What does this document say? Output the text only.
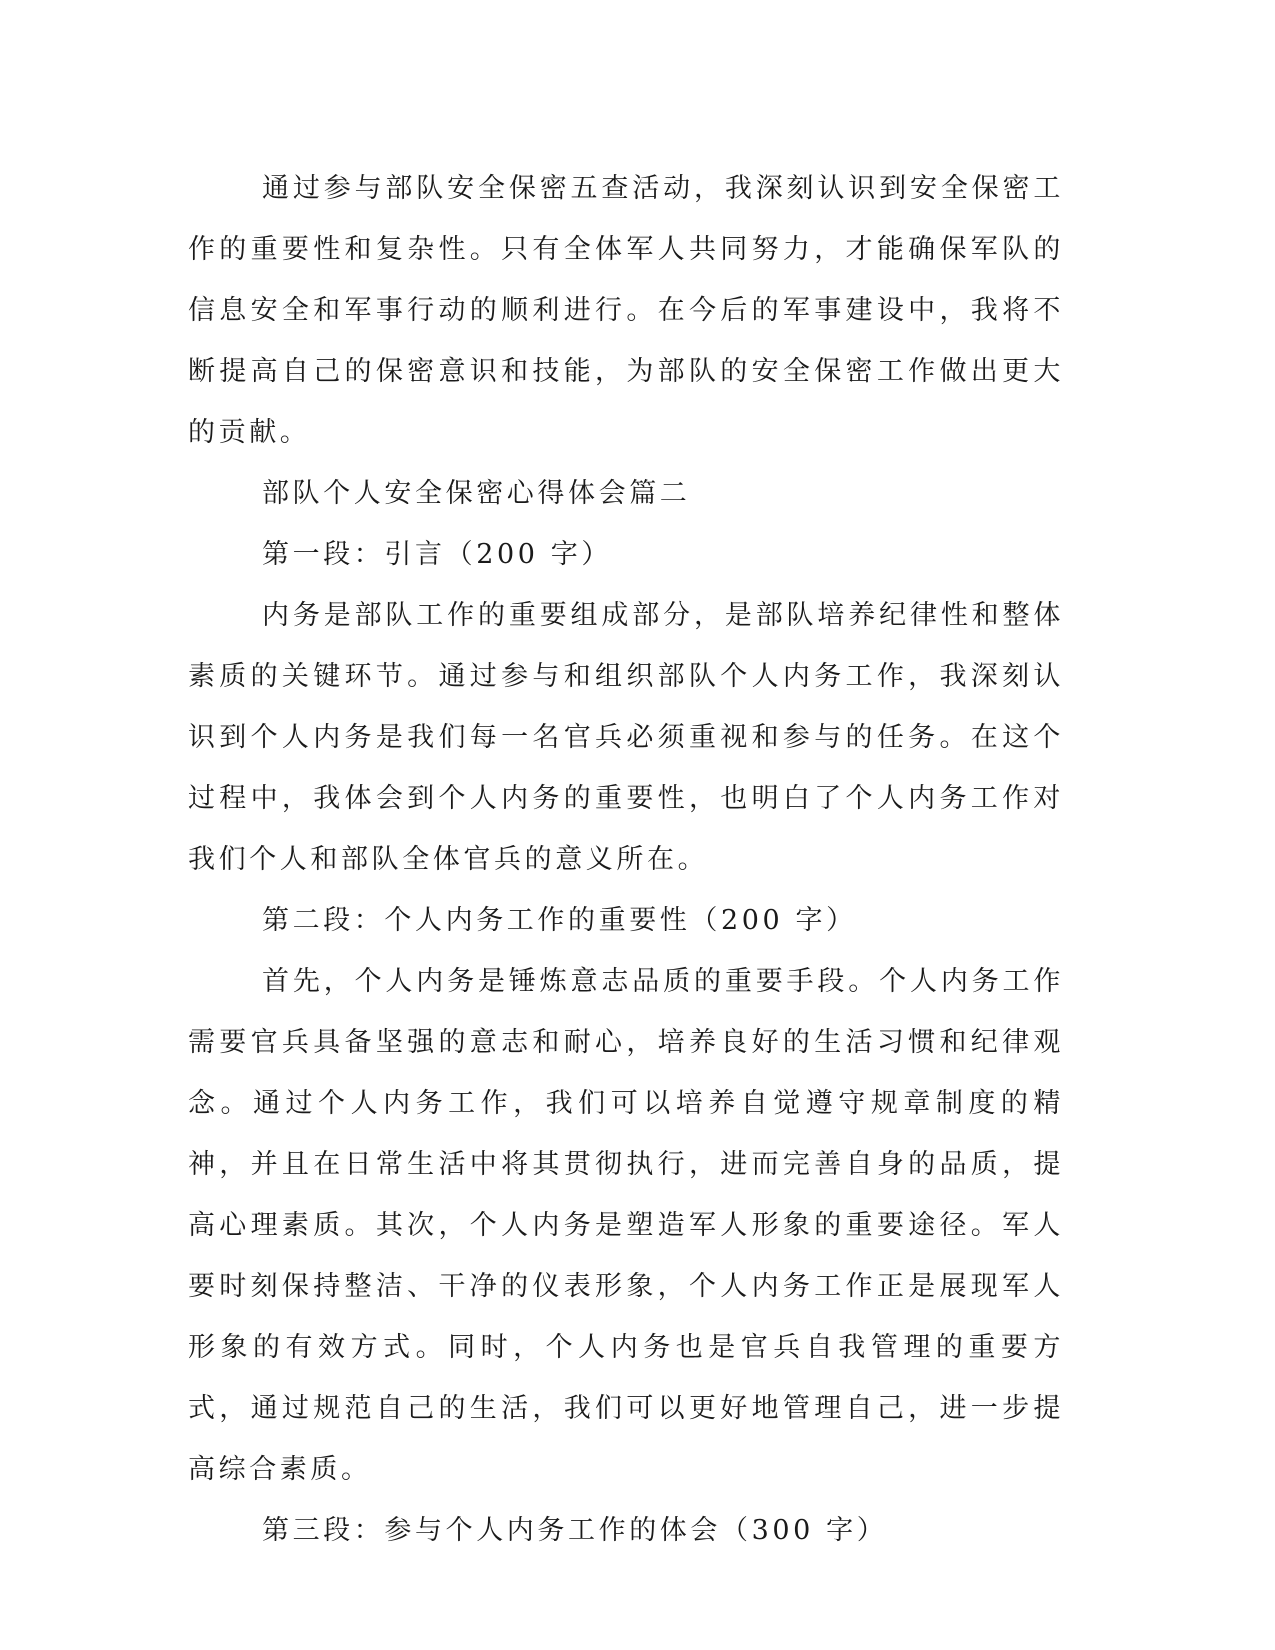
通过参与部队安全保密五查活动，我深刻认识到安全保密工作的重要性和复杂性。只有全体军人共同努力，才能确保军队的信息安全和军事行动的顺利进行。在今后的军事建设中，我将不断提高自己的保密意识和技能，为部队的安全保密工作做出更大的贡献。

部队个人安全保密心得体会篇二

第一段：引言（200 字）

内务是部队工作的重要组成部分，是部队培养纪律性和整体素质的关键环节。通过参与和组织部队个人内务工作，我深刻认识到个人内务是我们每一名官兵必须重视和参与的任务。在这个过程中，我体会到个人内务的重要性，也明白了个人内务工作对我们个人和部队全体官兵的意义所在。

第二段：个人内务工作的重要性（200 字）

首先，个人内务是锤炼意志品质的重要手段。个人内务工作需要官兵具备坚强的意志和耐心，培养良好的生活习惯和纪律观念。通过个人内务工作，我们可以培养自觉遵守规章制度的精神，并且在日常生活中将其贯彻执行，进而完善自身的品质，提高心理素质。其次，个人内务是塑造军人形象的重要途径。军人要时刻保持整洁、干净的仪表形象，个人内务工作正是展现军人形象的有效方式。同时，个人内务也是官兵自我管理的重要方式，通过规范自己的生活，我们可以更好地管理自己，进一步提高综合素质。

第三段：参与个人内务工作的体会（300 字）
